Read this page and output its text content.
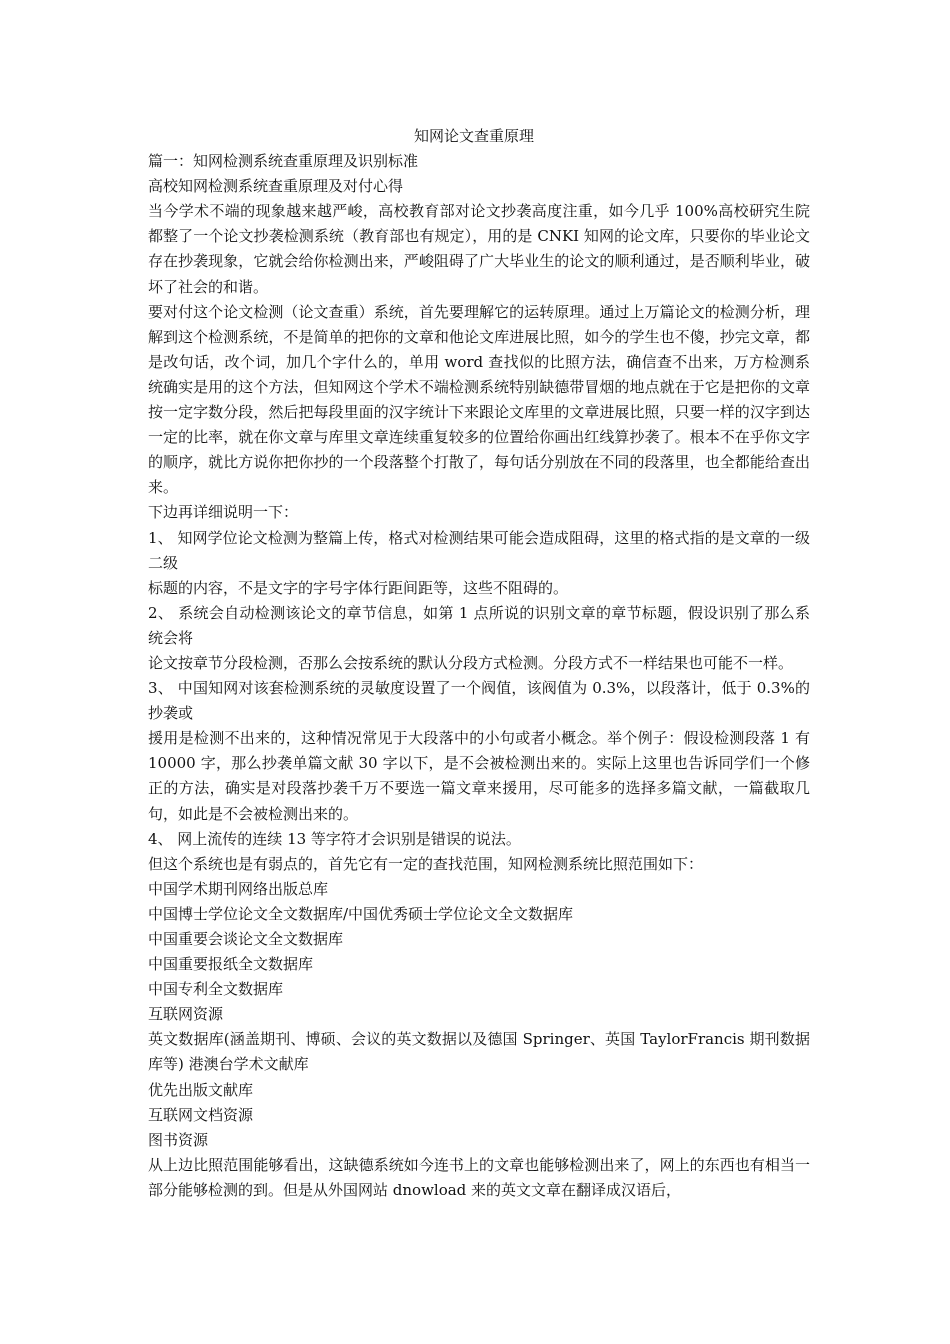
知网论文查重原理

篇一：知网检测系统查重原理及识别标准

高校知网检测系统查重原理及对付心得

当今学术不端的现象越来越严峻，高校教育部对论文抄袭高度注重，如今几乎 100%高校研究生院都整了一个论文抄袭检测系统（教育部也有规定），用的是 CNKI 知网的论文库，只要你的毕业论文存在抄袭现象，它就会给你检测出来，严峻阻碍了广大毕业生的论文的顺利通过，是否顺利毕业，破坏了社会的和谐。

要对付这个论文检测（论文查重）系统，首先要理解它的运转原理。通过上万篇论文的检测分析，理解到这个检测系统，不是简单的把你的文章和他论文库进展比照，如今的学生也不傻，抄完文章，都是改句话，改个词，加几个字什么的，单用 word 查找似的比照方法，确信查不出来，万方检测系统确实是用的这个方法，但知网这个学术不端检测系统特别缺德带冒烟的地点就在于它是把你的文章按一定字数分段，然后把每段里面的汉字统计下来跟论文库里的文章进展比照，只要一样的汉字到达一定的比率，就在你文章与库里文章连续重复较多的位置给你画出红线算抄袭了。根本不在乎你文字的顺序，就比方说你把你抄的一个段落整个打散了，每句话分别放在不同的段落里，也全都能给查出来。

下边再详细说明一下：

1、 知网学位论文检测为整篇上传，格式对检测结果可能会造成阻碍，这里的格式指的是文章的一级二级

标题的内容，不是文字的字号字体行距间距等，这些不阻碍的。

2、 系统会自动检测该论文的章节信息，如第 1 点所说的识别文章的章节标题，假设识别了那么系统会将

论文按章节分段检测，否那么会按系统的默认分段方式检测。分段方式不一样结果也可能不一样。

3、 中国知网对该套检测系统的灵敏度设置了一个阀值，该阀值为 0.3%，以段落计，低于 0.3%的抄袭或

援用是检测不出来的，这种情况常见于大段落中的小句或者小概念。举个例子：假设检测段落 1 有 10000 字，那么抄袭单篇文献 30 字以下，是不会被检测出来的。实际上这里也告诉同学们一个修正的方法，确实是对段落抄袭千万不要选一篇文章来援用，尽可能多的选择多篇文献，一篇截取几句，如此是不会被检测出来的。

4、 网上流传的连续 13 等字符才会识别是错误的说法。

但这个系统也是有弱点的，首先它有一定的查找范围，知网检测系统比照范围如下：

中国学术期刊网络出版总库

中国博士学位论文全文数据库/中国优秀硕士学位论文全文数据库

中国重要会谈论文全文数据库

中国重要报纸全文数据库

中国专利全文数据库

互联网资源

英文数据库(涵盖期刊、博硕、会议的英文数据以及德国 Springer、英国 TaylorFrancis 期刊数据库等) 港澳台学术文献库

优先出版文献库

互联网文档资源

图书资源

从上边比照范围能够看出，这缺德系统如今连书上的文章也能够检测出来了，网上的东西也有相当一部分能够检测的到。但是从外国网站 dnowload 来的英文文章在翻译成汉语后，
